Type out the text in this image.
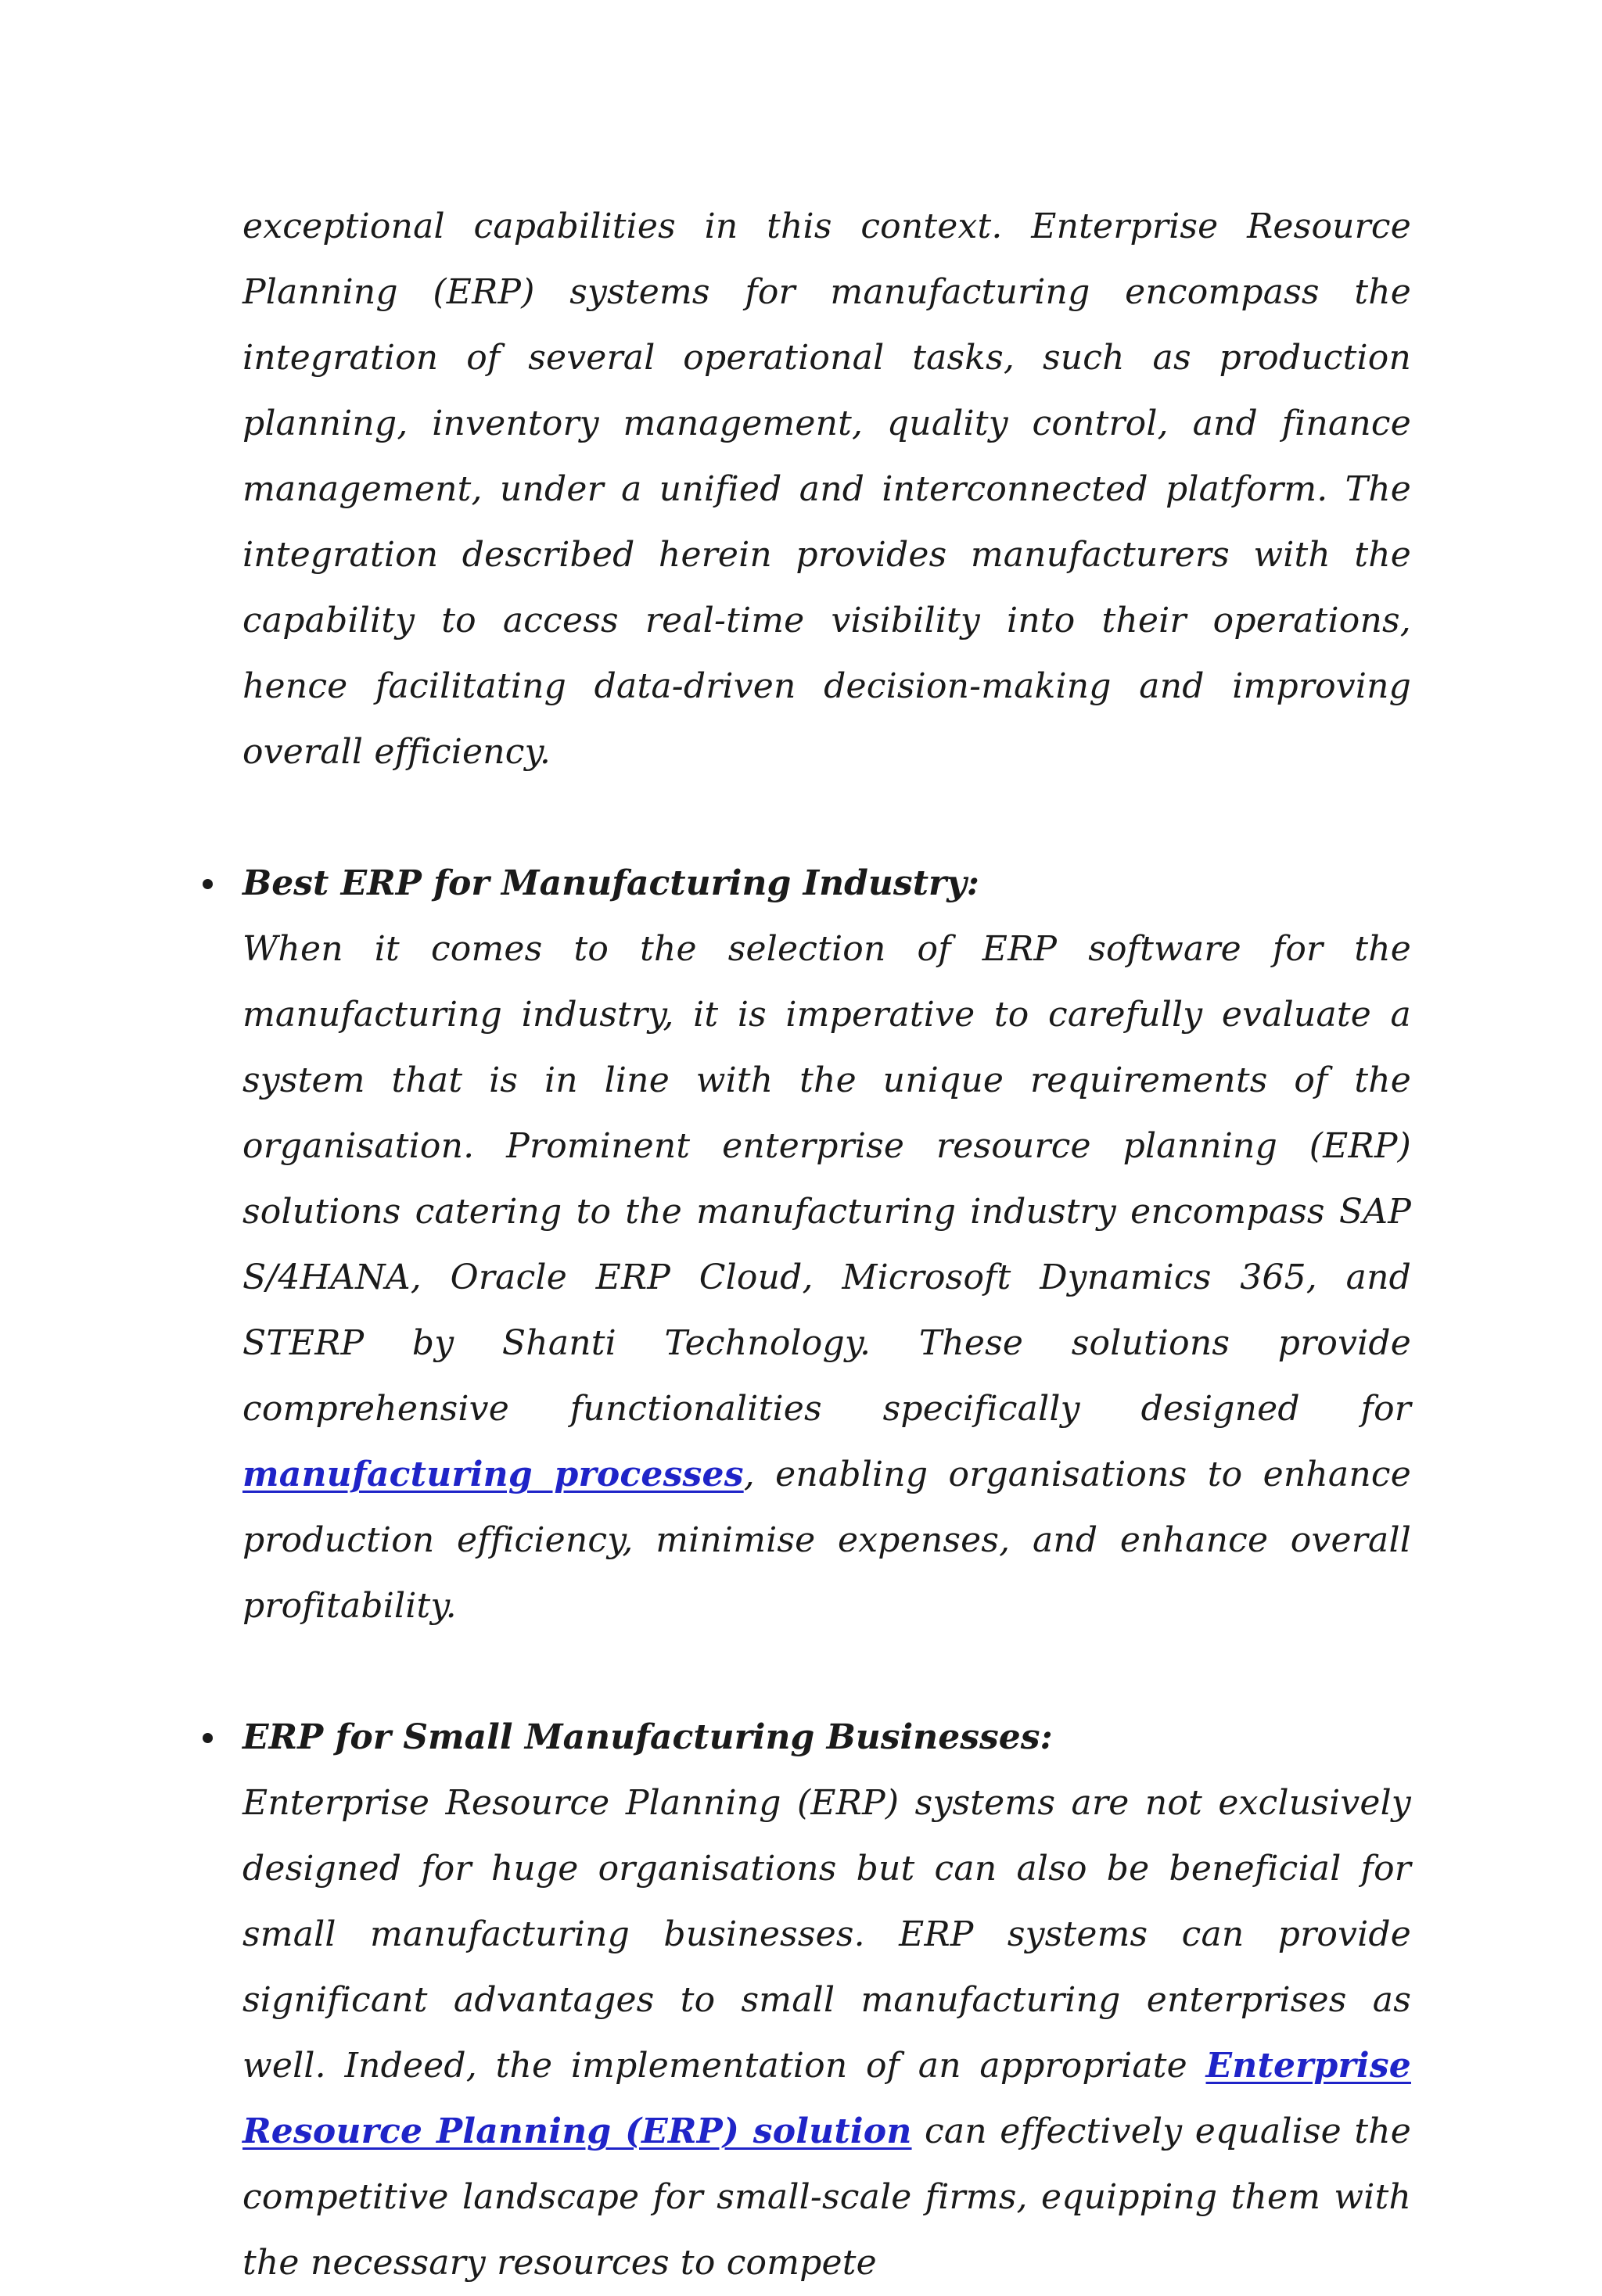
exceptional capabilities in this context. Enterprise Resource Planning (ERP) systems for manufacturing encompass the integration of several operational tasks, such as production planning, inventory management, quality control, and finance management, under a unified and interconnected platform. The integration described herein provides manufacturers with the capability to access real-time visibility into their operations, hence facilitating data-driven decision-making and improving overall efficiency.

Best ERP for Manufacturing Industry:

When it comes to the selection of ERP software for the manufacturing industry, it is imperative to carefully evaluate a system that is in line with the unique requirements of the organisation. Prominent enterprise resource planning (ERP) solutions catering to the manufacturing industry encompass SAP S/4HANA, Oracle ERP Cloud, Microsoft Dynamics 365, and STERP by Shanti Technology. These solutions provide comprehensive functionalities specifically designed for manufacturing processes, enabling organisations to enhance production efficiency, minimise expenses, and enhance overall profitability.

ERP for Small Manufacturing Businesses:

Enterprise Resource Planning (ERP) systems are not exclusively designed for huge organisations but can also be beneficial for small manufacturing businesses. ERP systems can provide significant advantages to small manufacturing enterprises as well. Indeed, the implementation of an appropriate Enterprise Resource Planning (ERP) solution can effectively equalise the competitive landscape for small-scale firms, equipping them with the necessary resources to compete
